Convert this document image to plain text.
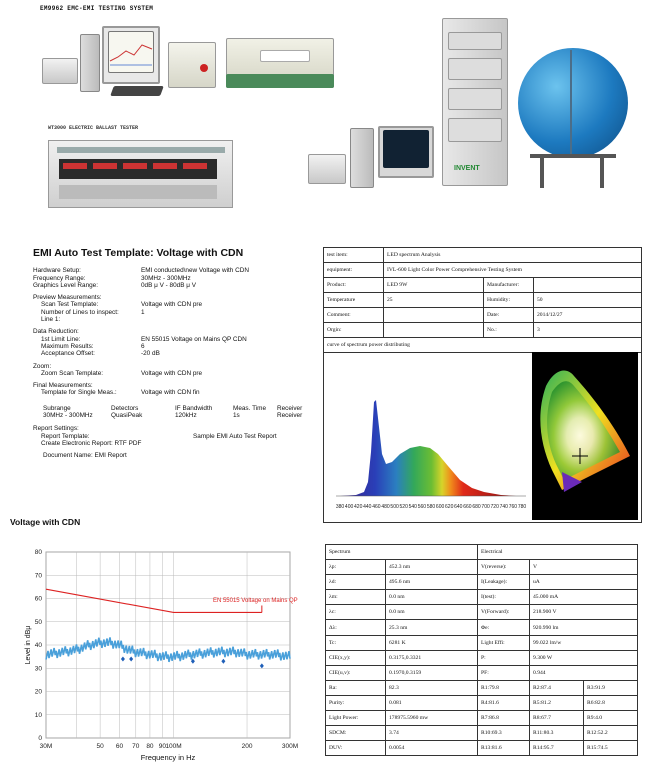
EM9962 EMC-EMI TESTING SYSTEM
WT3000 ELECTRIC BALLAST TESTER
INVENT
EMI Auto Test Template: Voltage with CDN
Hardware Setup:	EMI conducted\new Voltage with CDN
Frequency Range:	30MHz - 300MHz
Graphics Level Range:	0dB μ V - 80dB μ V
Preview Measurements:
Scan Test Template:	Voltage with CDN pre
Number of Lines to inspect:	1
Line 1:
Data Reduction:
1st Limit Line:	EN 55015 Voltage on Mains QP CDN
Maximum Results:	6
Acceptance Offset:	-20 dB
Zoom:
Zoom Scan Template:	Voltage with CDN pre
Final Measurements:
Template for Single Meas.:	Voltage with CDN fin
Subrange	Detectors	IF Bandwidth	Meas. Time	Receiver
30MHz - 300MHz	QuasiPeak	120kHz	1s	Receiver
Report Settings:
Report Template:	Sample EMI Auto Test Report
Create Electronic Report: RTF PDF
Document Name: EMI Report
Voltage with CDN
0
10
20
30
40
50
60
70
80
30M	50 60 70 80 90 100M	200	300M
Frequency in Hz
Level in dBμ
EN 55015 Voltage on Mains QP
test item:	LED spectrum Analysis		
equipment:	IVL-600 Light Color Power Comprehensive Testing System		
Product:	LED 9W	Manufacturer:	
Temperature	25	Humidity:	50
Comment:		Date:	2014/12/27
Orgin:		No.:	3
curve of spectrum power distributing			

380 400 420 440 460 480 500 520 540 560 580 600 620 640 660 680 700 720 740 760 780
Spectrum		Electrical		
λp:	452.3 nm	V(reverse):	V	
λd:	495.6 nm	I(Leakage):	uA	
λm:	0.0 nm	I(test):	45.000 mA	
λc:	0.0 nm	V(Forward):	218.900 V	
Δλ:	25.3 nm	Φe:	920.990 lm	
Tc:	6281 K	Light Effi:	99.022 lm/w	
CIE(x,y):	0.3175,0.3321	P:	9.300 W	
CIE(u,v):	0.1970,0.3159	PF:	0.944	
Ra:	82.3	R1:79.8	R2:87.4	R3:91.9
Purity:	0.081	R4:81.6	R5:81.2	R6:82.8
Light Power:	178975.5960 mw	R7:86.8	R8:67.7	R9:4.0
SDCM:	3.74	R10:69.3	R11:80.3	R12:52.2
DUV:	0.0054	R13:81.6	R14:95.7	R15:74.5
